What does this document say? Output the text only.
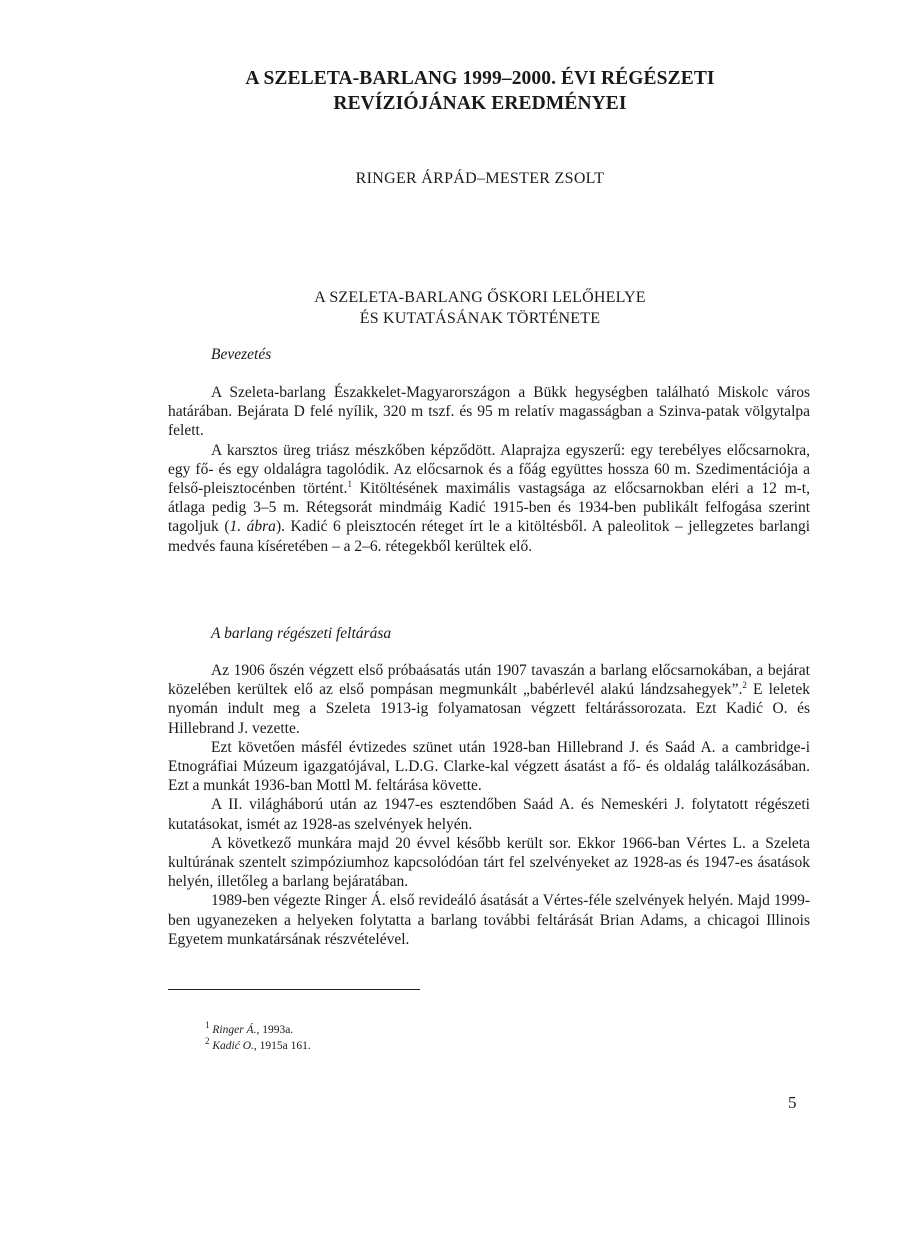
A SZELETA-BARLANG 1999–2000. ÉVI RÉGÉSZETI
REVÍZIÓJÁNAK EREDMÉNYEI
RINGER ÁRPÁD–MESTER ZSOLT
A SZELETA-BARLANG ŐSKORI LELŐHELYE
ÉS KUTATÁSÁNAK TÖRTÉNETE
Bevezetés

A Szeleta-barlang Északkelet-Magyarországon a Bükk hegységben található Miskolc város határában. Bejárata D felé nyílik, 320 m tszf. és 95 m relatív magasságban a Szinva-patak völgytalpa felett.

A karsztos üreg triász mészkőben képződött. Alaprajza egyszerű: egy terebélyes előcsarnokra, egy fő- és egy oldalágra tagolódik. Az előcsarnok és a főág együttes hossza 60 m. Szedimentációja a felső-pleisztocénben történt.$^1$ Kitöltésének maximális vastagsága az előcsarnokban eléri a 12 m-t, átlaga pedig 3–5 m. Rétegsorát mindmáig Kadić 1915-ben és 1934-ben publikált felfogása szerint tagoljuk (1. ábra). Kadić 6 pleisztocén réteget írt le a kitöltésből. A paleolitok – jellegzetes barlangi medvés fauna kíséretében – a 2–6. rétegekből kerültek elő.

A barlang régészeti feltárása

Az 1906 őszén végzett első próbaásatás után 1907 tavaszán a barlang előcsarnokában, a bejárat közelében kerültek elő az első pompásan megmunkált „babérlevél alakú lándzsahegyek”.$^2$ E leletek nyomán indult meg a Szeleta 1913-ig folyamatosan végzett feltárássorozata. Ezt Kadić O. és Hillebrand J. vezette.

Ezt követően másfél évtizedes szünet után 1928-ban Hillebrand J. és Saád A. a cambridge-i Etnográfiai Múzeum igazgatójával, L.D.G. Clarke-kal végzett ásatást a fő- és oldalág találkozásában. Ezt a munkát 1936-ban Mottl M. feltárása követte.

A II. világháború után az 1947-es esztendőben Saád A. és Nemeskéri J. folytatott régészeti kutatásokat, ismét az 1928-as szelvények helyén.

A következő munkára majd 20 évvel később került sor. Ekkor 1966-ban Vértes L. a Szeleta kultúrának szentelt szimpóziumhoz kapcsolódóan tárt fel szelvényeket az 1928-as és 1947-es ásatások helyén, illetőleg a barlang bejáratában.

1989-ben végezte Ringer Á. első revideáló ásatását a Vértes-féle szelvények helyén. Majd 1999-ben ugyanezeken a helyeken folytatta a barlang további feltárását Brian Adams, a chicagoi Illinois Egyetem munkatársának részvételével.

$^1$ Ringer Á., 1993a.
$^2$ Kadić O., 1915a 161.
5
